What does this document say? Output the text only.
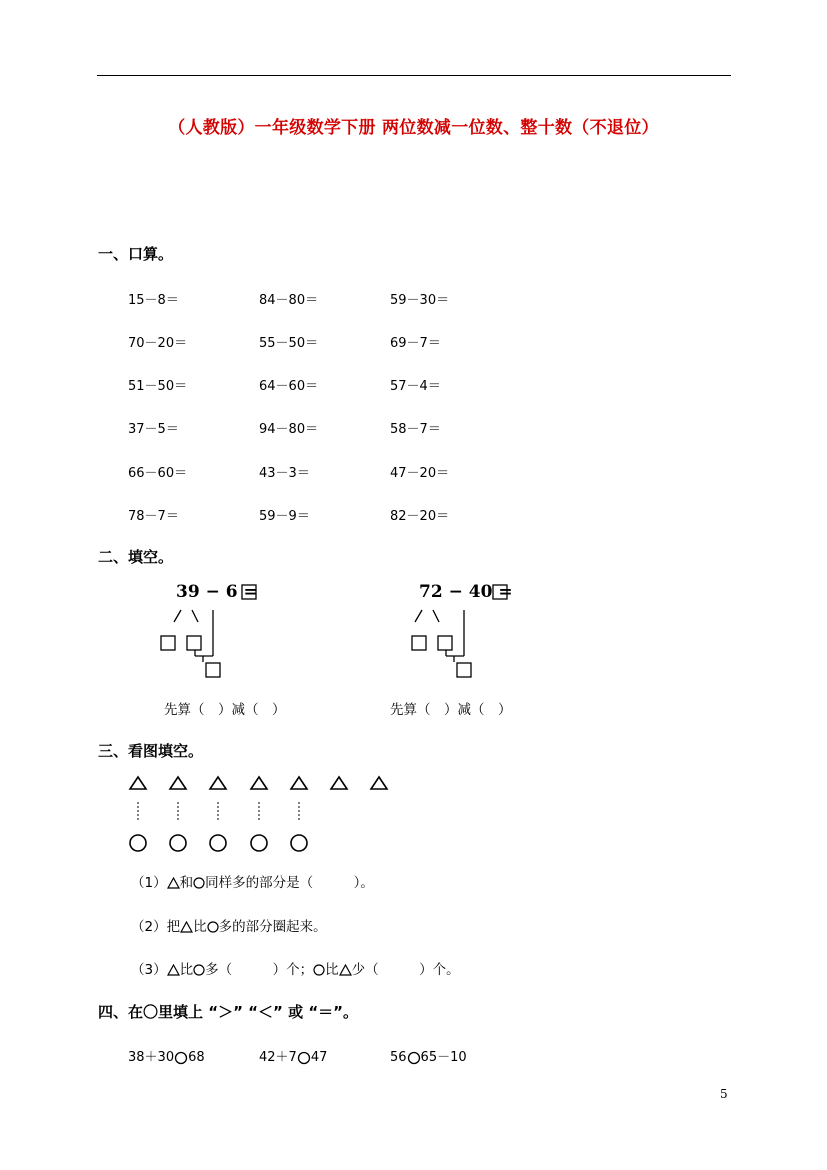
（人教版）一年级数学下册 两位数减一位数、整十数（不退位）
一、口算。
15－8＝	84－80＝	59－30＝
70－20＝	55－50＝	69－7＝
51－50＝	64－60＝	57－4＝
37－5＝	94－80＝	58－7＝
66－60＝	43－3＝	47－20＝
78－7＝	59－9＝	82－20＝
二、填空。
39 − 6 =
先算（　）减（　）
72 − 40 =
先算（　）减（　）
三、看图填空。
（1） 和 同样多的部分是（　　　）。
（2）把 比 多的部分圈起来。
（3） 比 多（　　　）个； 比 少（　　　）个。
四、在〇里填上 “＞” “＜” 或 “＝”。
38＋30 68	42＋7 47	56 65－10
5
